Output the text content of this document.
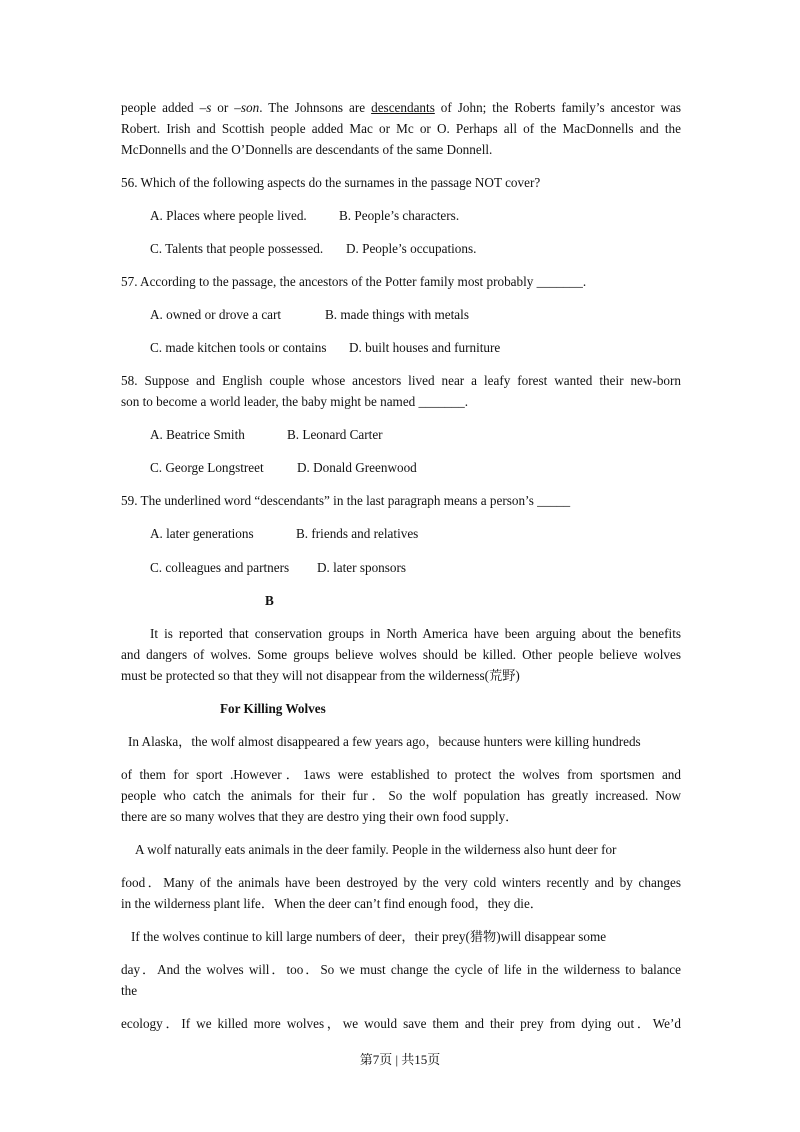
people added –s or –son. The Johnsons are descendants of John; the Roberts family’s ancestor was
Robert. Irish and Scottish people added Mac or Mc or O. Perhaps all of the MacDonnells and the
McDonnells and the O’Donnells are descendants of the same Donnell.
56. Which of the following aspects do the surnames in the passage NOT cover?
A. Places where people lived. B. People’s characters.
C. Talents that people possessed. D. People’s occupations.
57. According to the passage, the ancestors of the Potter family most probably _______.
A. owned or drove a cart	B. made things with metals
C. made kitchen tools or contains D. built houses and furniture
58. Suppose and English couple whose ancestors lived near a leafy forest wanted their new-born
son to become a world leader, the baby might be named _______.
A. Beatrice Smith	B. Leonard Carter
C. George Longstreet	D. Donald Greenwood
59. The underlined word “descendants” in the last paragraph means a person’s _____
A. later generations	B. friends and relatives
C. colleagues and partners D. later sponsors
B
It is reported that conservation groups in North America have been arguing about the benefits
and dangers of wolves. Some groups believe wolves should be killed. Other people believe wolves
must be protected so that they will not disappear from the wilderness(荒野)
For Killing Wolves
In Alaska，the wolf almost disappeared a few years ago，because hunters were killing hundreds
of them for sport .However．1aws were established to protect the wolves from sportsmen and
people who catch the animals for their fur．So the wolf population has greatly increased. Now
there are so many wolves that they are destro ying their own food supply．
A wolf naturally eats animals in the deer family. People in the wilderness also hunt deer for
food．Many of the animals have been destroyed by the very cold winters recently and by changes
in the wilderness plant life．When the deer can’t find enough food，they die．
If the wolves continue to kill large numbers of deer，their prey(猎物)will disappear some
day．And the wolves will．too．So we must change the cycle of life in the wilderness to balance
the
ecology．If we killed more wolves，we would save them and their prey from dying out．We’d
第7页 | 共15页
